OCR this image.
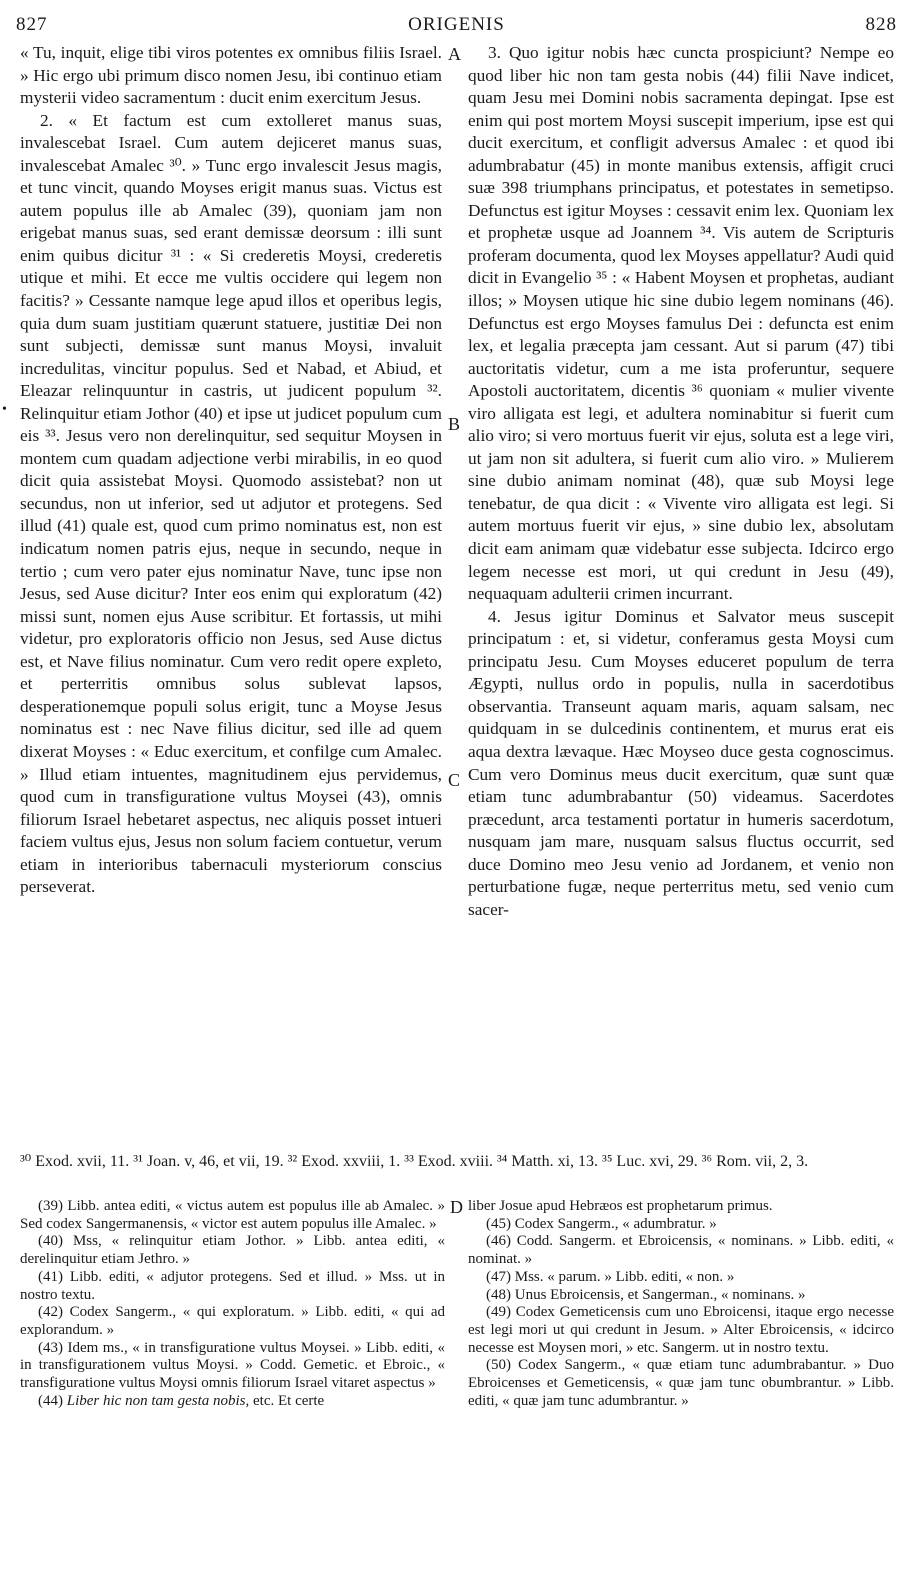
827	ORIGENIS	828
•

« Tu, inquit, elige tibi viros potentes ex omnibus filiis Israel. » Hic ergo ubi primum disco nomen Jesu, ibi continuo etiam mysterii video sacramentum : ducit enim exercitum Jesus.

2. « Et factum est cum extolleret manus suas, invalescebat Israel. Cum autem dejiceret manus suas, invalescebat Amalec ³⁰. » Tunc ergo invalescit Jesus magis, et tunc vincit, quando Moyses erigit manus suas. Victus est autem populus ille ab Amalec (39), quoniam jam non erigebat manus suas, sed erant demissæ deorsum : illi sunt enim quibus dicitur ³¹ : « Si crederetis Moysi, crederetis utique et mihi. Et ecce me vultis occidere qui legem non facitis? » Cessante namque lege apud illos et operibus legis, quia dum suam justitiam quærunt statuere, justitiæ Dei non sunt subjecti, demissæ sunt manus Moysi, invaluit incredulitas, vincitur populus. Sed et Nabad, et Abiud, et Eleazar relinquuntur in castris, ut judicent populum ³². Relinquitur etiam Jothor (40) et ipse ut judicet populum cum eis ³³. Jesus vero non derelinquitur, sed sequitur Moysen in montem cum quadam adjectione verbi mirabilis, in eo quod dicit quia assistebat Moysi. Quomodo assistebat? non ut secundus, non ut inferior, sed ut adjutor et protegens. Sed illud (41) quale est, quod cum primo nominatus est, non est indicatum nomen patris ejus, neque in secundo, neque in tertio ; cum vero pater ejus nominatur Nave, tunc ipse non Jesus, sed Ause dicitur? Inter eos enim qui exploratum (42) missi sunt, nomen ejus Ause scribitur. Et fortassis, ut mihi videtur, pro exploratoris officio non Jesus, sed Ause dictus est, et Nave filius nominatur. Cum vero redit opere expleto, et perterritis omnibus solus sublevat lapsos, desperationemque populi solus erigit, tunc a Moyse Jesus nominatus est : nec Nave filius dicitur, sed ille ad quem dixerat Moyses : « Educ exercitum, et confilge cum Amalec. » Illud etiam intuentes, magnitudinem ejus pervidemus, quod cum in transfiguratione vultus Moysei (43), omnis filiorum Israel hebetaret aspectus, nec aliquis posset intueri faciem vultus ejus, Jesus non solum faciem contuetur, verum etiam in interioribus tabernaculi mysteriorum conscius perseverat.

A
B
C
D

3. Quo igitur nobis hæc cuncta prospiciunt? Nempe eo quod liber hic non tam gesta nobis (44) filii Nave indicet, quam Jesu mei Domini nobis sacramenta depingat. Ipse est enim qui post mortem Moysi suscepit imperium, ipse est qui ducit exercitum, et confligit adversus Amalec : et quod ibi adumbrabatur (45) in monte manibus extensis, affigit cruci suæ 398 triumphans principatus, et potestates in semetipso. Defunctus est igitur Moyses : cessavit enim lex. Quoniam lex et prophetæ usque ad Joannem ³⁴. Vis autem de Scripturis proferam documenta, quod lex Moyses appellatur? Audi quid dicit in Evangelio ³⁵ : « Habent Moysen et prophetas, audiant illos; » Moysen utique hic sine dubio legem nominans (46). Defunctus est ergo Moyses famulus Dei : defuncta est enim lex, et legalia præcepta jam cessant. Aut si parum (47) tibi auctoritatis videtur, cum a me ista proferuntur, sequere Apostoli auctoritatem, dicentis ³⁶ quoniam « mulier vivente viro alligata est legi, et adultera nominabitur si fuerit cum alio viro; si vero mortuus fuerit vir ejus, soluta est a lege viri, ut jam non sit adultera, si fuerit cum alio viro. » Mulierem sine dubio animam nominat (48), quæ sub Moysi lege tenebatur, de qua dicit : « Vivente viro alligata est legi. Si autem mortuus fuerit vir ejus, » sine dubio lex, absolutam dicit eam animam quæ videbatur esse subjecta. Idcirco ergo legem necesse est mori, ut qui credunt in Jesu (49), nequaquam adulterii crimen incurrant.

4. Jesus igitur Dominus et Salvator meus suscepit principatum : et, si videtur, conferamus gesta Moysi cum principatu Jesu. Cum Moyses educeret populum de terra Ægypti, nullus ordo in populis, nulla in sacerdotibus observantia. Transeunt aquam maris, aquam salsam, nec quidquam in se dulcedinis continentem, et murus erat eis aqua dextra lævaque. Hæc Moyseo duce gesta cognoscimus. Cum vero Dominus meus ducit exercitum, quæ sunt quæ etiam tunc adumbrabantur (50) videamus. Sacerdotes præcedunt, arca testamenti portatur in humeris sacerdotum, nusquam jam mare, nusquam salsus fluctus occurrit, sed duce Domino meo Jesu venio ad Jordanem, et venio non perturbatione fugæ, neque perterritus metu, sed venio cum sacer-

³⁰ Exod. xvii, 11. ³¹ Joan. v, 46, et vii, 19. ³² Exod. xxviii, 1. ³³ Exod. xviii. ³⁴ Matth. xi, 13. ³⁵ Luc. xvi, 29. ³⁶ Rom. vii, 2, 3.

(39) Libb. antea editi, « victus autem est populus ille ab Amalec. » Sed codex Sangermanensis, « victor est autem populus ille Amalec. »

(40) Mss, « relinquitur etiam Jothor. » Libb. antea editi, « derelinquitur etiam Jethro. »

(41) Libb. editi, « adjutor protegens. Sed et illud. » Mss. ut in nostro textu.

(42) Codex Sangerm., « qui exploratum. » Libb. editi, « qui ad explorandum. »

(43) Idem ms., « in transfiguratione vultus Moysei. » Libb. editi, « in transfigurationem vultus Moysi. » Codd. Gemetic. et Ebroic., « transfiguratione vultus Moysi omnis filiorum Israel vitaret aspectus »

(44) Liber hic non tam gesta nobis, etc. Et certe

liber Josue apud Hebræos est prophetarum primus.

(45) Codex Sangerm., « adumbratur. »

(46) Codd. Sangerm. et Ebroicensis, « nominans. » Libb. editi, « nominat. »

(47) Mss. « parum. » Libb. editi, « non. »

(48) Unus Ebroicensis, et Sangerman., « nominans. »

(49) Codex Gemeticensis cum uno Ebroicensi, itaque ergo necesse est legi mori ut qui credunt in Jesum. » Alter Ebroicensis, « idcirco necesse est Moysen mori, » etc. Sangerm. ut in nostro textu.

(50) Codex Sangerm., « quæ etiam tunc adumbrabantur. » Duo Ebroicenses et Gemeticensis, « quæ jam tunc obumbrantur. » Libb. editi, « quæ jam tunc adumbrantur. »
